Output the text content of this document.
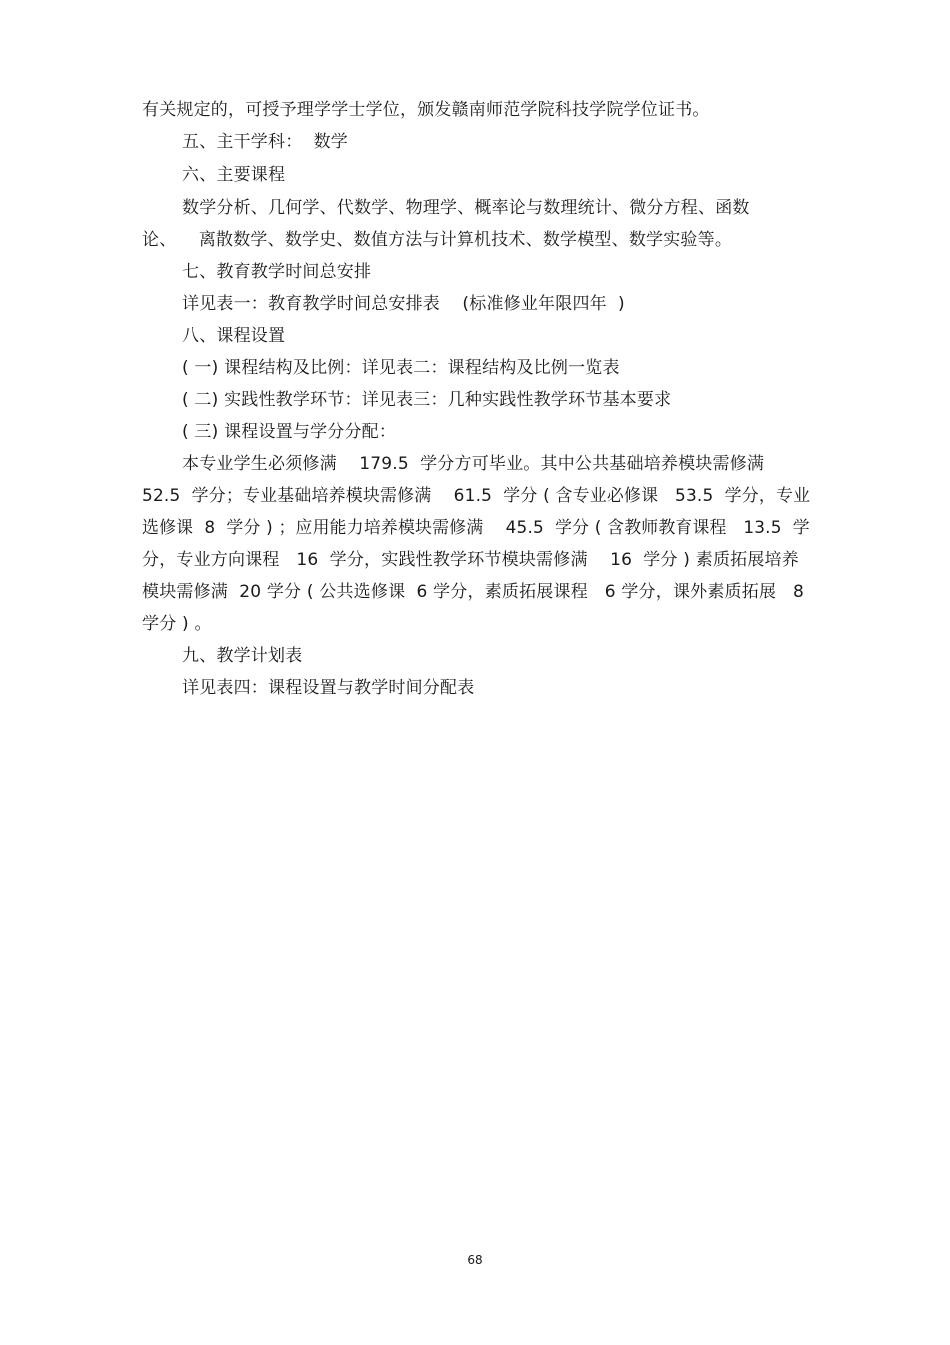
有关规定的，可授予理学学士学位，颁发赣南师范学院科技学院学位证书。
五、主干学科：  数学
六、主要课程
数学分析、几何学、代数学、物理学、概率论与数理统计、微分方程、函数
论、    离散数学、数学史、数值方法与计算机技术、数学模型、数学实验等。
七、教育教学时间总安排
详见表一：教育教学时间总安排表    (标准修业年限四年  )
八、课程设置
( 一) 课程结构及比例：详见表二：课程结构及比例一览表
( 二) 实践性教学环节：详见表三：几种实践性教学环节基本要求
( 三) 课程设置与学分分配：
本专业学生必须修满    179.5  学分方可毕业。其中公共基础培养模块需修满
52.5  学分；专业基础培养模块需修满    61.5  学分 ( 含专业必修课   53.5  学分，专业
选修课  8  学分 ) ；应用能力培养模块需修满    45.5  学分 ( 含教师教育课程   13.5  学
分，专业方向课程   16  学分，实践性教学环节模块需修满    16  学分 ) 素质拓展培养
模块需修满  20 学分 ( 公共选修课  6 学分，素质拓展课程   6 学分，课外素质拓展   8
学分 ) 。
九、教学计划表
详见表四：课程设置与教学时间分配表
68
